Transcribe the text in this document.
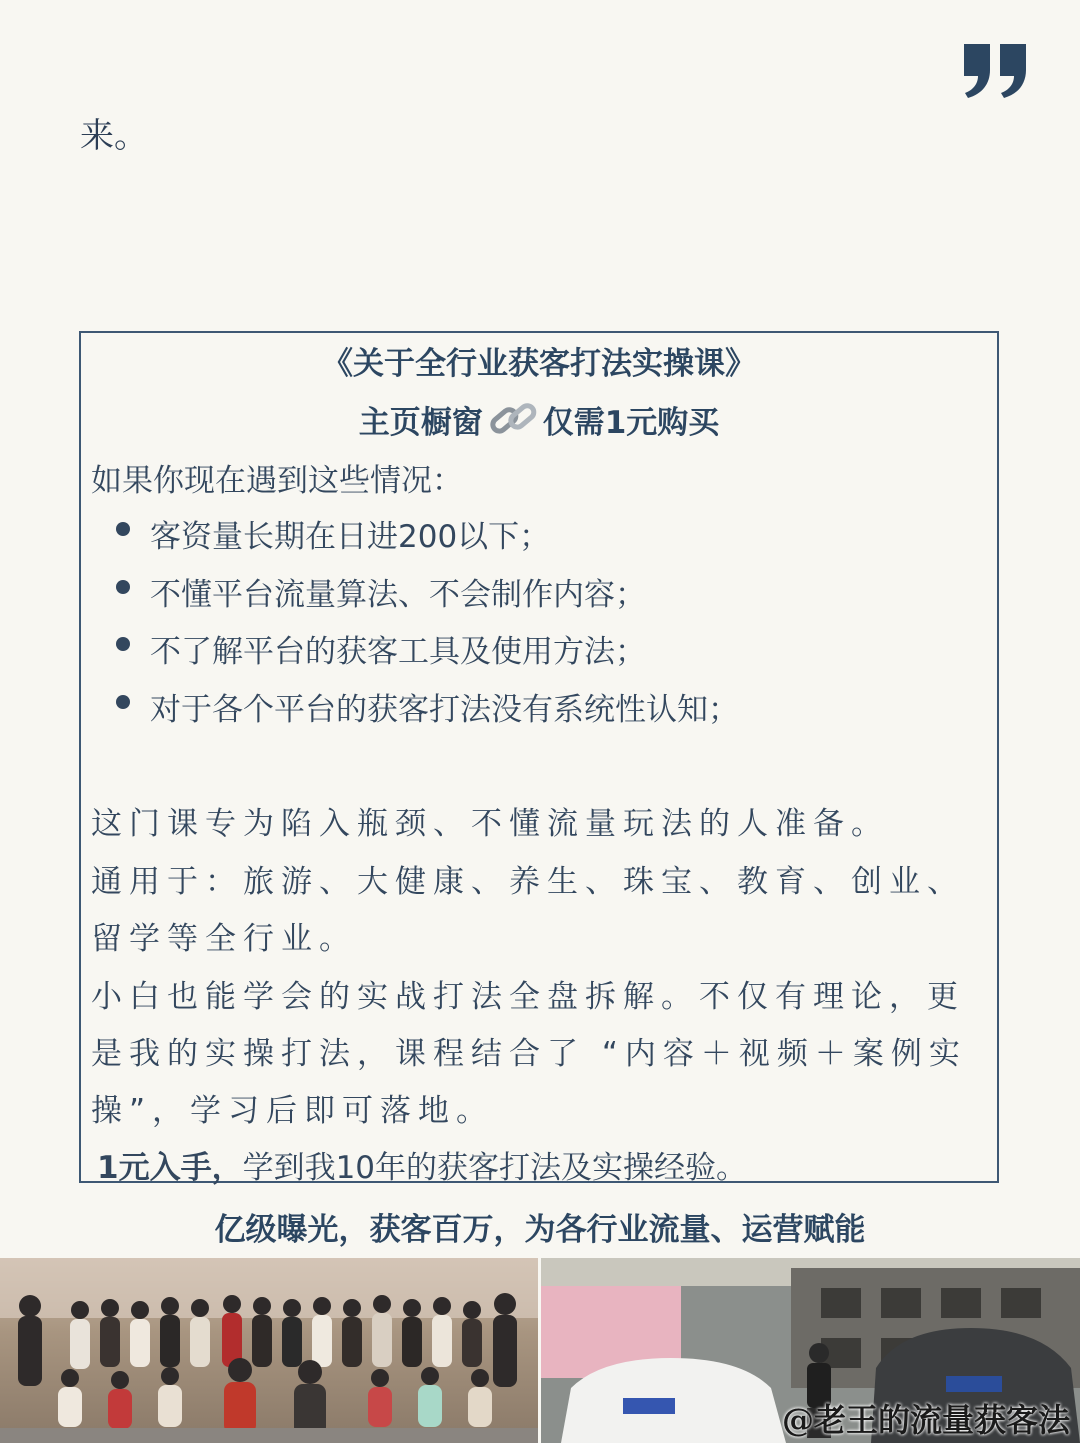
来。
《关于全行业获客打法实操课》
主页橱窗 仅需1元购买
如果你现在遇到这些情况：
客资量长期在日进200以下；
不懂平台流量算法、不会制作内容；
不了解平台的获客工具及使用方法；
对于各个平台的获客打法没有系统性认知；
这门课专为陷入瓶颈、不懂流量玩法的人准备。
通用于：旅游、大健康、养生、珠宝、教育、创业、
留学等全行业。
小白也能学会的实战打法全盘拆解。不仅有理论，更
是我的实操打法，课程结合了 “内容＋视频＋案例实
操”，学习后即可落地。
1元入手，学到我10年的获客打法及实操经验。
亿级曝光，获客百万，为各行业流量、运营赋能
@老王的流量获客法
